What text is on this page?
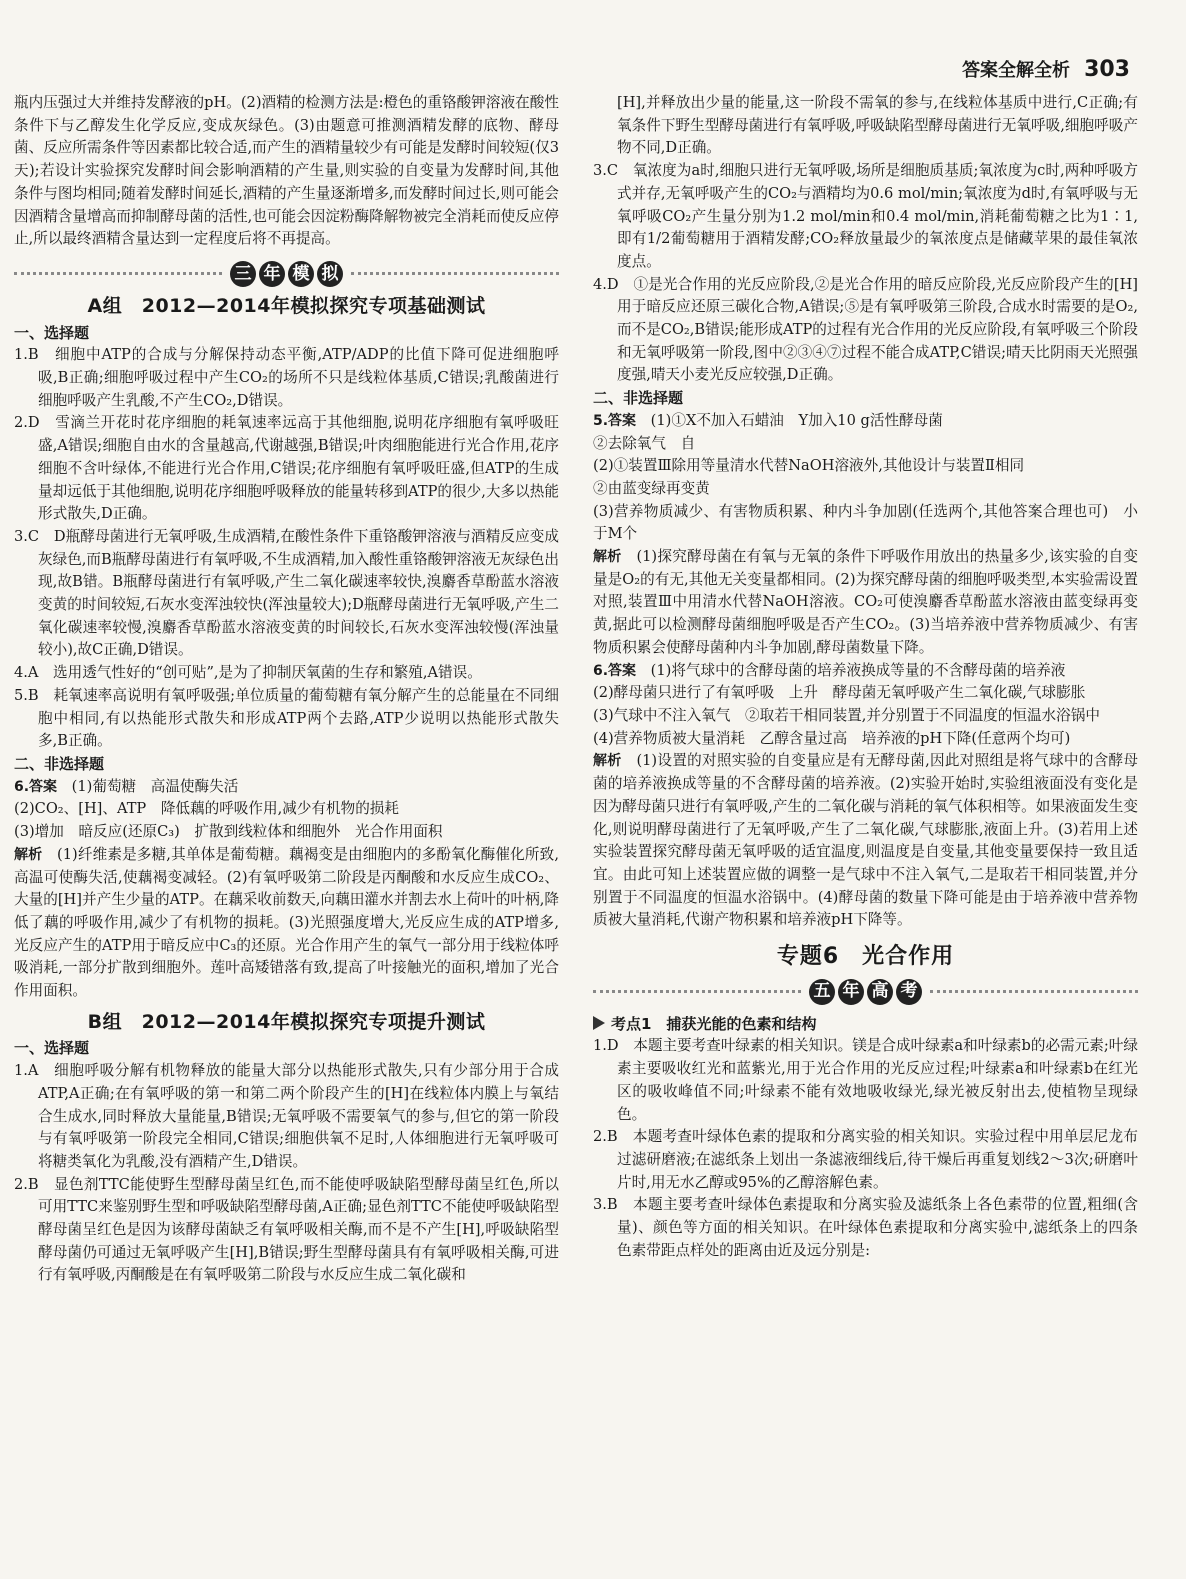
答案全解全析 303

瓶内压强过大并维持发酵液的pH。(2)酒精的检测方法是:橙色的重铬酸钾溶液在酸性条件下与乙醇发生化学反应,变成灰绿色。(3)由题意可推测酒精发酵的底物、酵母菌、反应所需条件等因素都比较合适,而产生的酒精量较少有可能是发酵时间较短(仅3天);若设计实验探究发酵时间会影响酒精的产生量,则实验的自变量为发酵时间,其他条件与图均相同;随着发酵时间延长,酒精的产生量逐渐增多,而发酵时间过长,则可能会因酒精含量增高而抑制酵母菌的活性,也可能会因淀粉酶降解物被完全消耗而使反应停止,所以最终酒精含量达到一定程度后将不再提高。

三 年 模 拟
A组　2012—2014年模拟探究专项基础测试

一、选择题

1.B　细胞中ATP的合成与分解保持动态平衡,ATP/ADP的比值下降可促进细胞呼吸,B正确;细胞呼吸过程中产生CO₂的场所不只是线粒体基质,C错误;乳酸菌进行细胞呼吸产生乳酸,不产生CO₂,D错误。

2.D　雪滴兰开花时花序细胞的耗氧速率远高于其他细胞,说明花序细胞有氧呼吸旺盛,A错误;细胞自由水的含量越高,代谢越强,B错误;叶肉细胞能进行光合作用,花序细胞不含叶绿体,不能进行光合作用,C错误;花序细胞有氧呼吸旺盛,但ATP的生成量却远低于其他细胞,说明花序细胞呼吸释放的能量转移到ATP的很少,大多以热能形式散失,D正确。

3.C　D瓶酵母菌进行无氧呼吸,生成酒精,在酸性条件下重铬酸钾溶液与酒精反应变成灰绿色,而B瓶酵母菌进行有氧呼吸,不生成酒精,加入酸性重铬酸钾溶液无灰绿色出现,故B错。B瓶酵母菌进行有氧呼吸,产生二氧化碳速率较快,溴麝香草酚蓝水溶液变黄的时间较短,石灰水变浑浊较快(浑浊量较大);D瓶酵母菌进行无氧呼吸,产生二氧化碳速率较慢,溴麝香草酚蓝水溶液变黄的时间较长,石灰水变浑浊较慢(浑浊量较小),故C正确,D错误。

4.A　选用透气性好的“创可贴”,是为了抑制厌氧菌的生存和繁殖,A错误。

5.B　耗氧速率高说明有氧呼吸强;单位质量的葡萄糖有氧分解产生的总能量在不同细胞中相同,有以热能形式散失和形成ATP两个去路,ATP少说明以热能形式散失多,B正确。

二、非选择题

6.答案　 (1)葡萄糖　高温使酶失活

(2)CO₂、[H]、ATP　降低藕的呼吸作用,减少有机物的损耗

(3)增加　暗反应(还原C₃)　扩散到线粒体和细胞外　光合作用面积

解析　 (1)纤维素是多糖,其单体是葡萄糖。藕褐变是由细胞内的多酚氧化酶催化所致,高温可使酶失活,使藕褐变减轻。(2)有氧呼吸第二阶段是丙酮酸和水反应生成CO₂、大量的[H]并产生少量的ATP。在藕采收前数天,向藕田灌水并割去水上荷叶的叶柄,降低了藕的呼吸作用,减少了有机物的损耗。(3)光照强度增大,光反应生成的ATP增多,光反应产生的ATP用于暗反应中C₃的还原。光合作用产生的氧气一部分用于线粒体呼吸消耗,一部分扩散到细胞外。莲叶高矮错落有致,提高了叶接触光的面积,增加了光合作用面积。

B组　2012—2014年模拟探究专项提升测试

一、选择题

1.A　细胞呼吸分解有机物释放的能量大部分以热能形式散失,只有少部分用于合成ATP,A正确;在有氧呼吸的第一和第二两个阶段产生的[H]在线粒体内膜上与氧结合生成水,同时释放大量能量,B错误;无氧呼吸不需要氧气的参与,但它的第一阶段与有氧呼吸第一阶段完全相同,C错误;细胞供氧不足时,人体细胞进行无氧呼吸可将糖类氧化为乳酸,没有酒精产生,D错误。

2.B　显色剂TTC能使野生型酵母菌呈红色,而不能使呼吸缺陷型酵母菌呈红色,所以可用TTC来鉴别野生型和呼吸缺陷型酵母菌,A正确;显色剂TTC不能使呼吸缺陷型酵母菌呈红色是因为该酵母菌缺乏有氧呼吸相关酶,而不是不产生[H],呼吸缺陷型酵母菌仍可通过无氧呼吸产生[H],B错误;野生型酵母菌具有有氧呼吸相关酶,可进行有氧呼吸,丙酮酸是在有氧呼吸第二阶段与水反应生成二氧化碳和

[H],并释放出少量的能量,这一阶段不需氧的参与,在线粒体基质中进行,C正确;有氧条件下野生型酵母菌进行有氧呼吸,呼吸缺陷型酵母菌进行无氧呼吸,细胞呼吸产物不同,D正确。

3.C　氧浓度为a时,细胞只进行无氧呼吸,场所是细胞质基质;氧浓度为c时,两种呼吸方式并存,无氧呼吸产生的CO₂与酒精均为0.6 mol/min;氧浓度为d时,有氧呼吸与无氧呼吸CO₂产生量分别为1.2 mol/min和0.4 mol/min,消耗葡萄糖之比为1∶1,即有1/2葡萄糖用于酒精发酵;CO₂释放量最少的氧浓度点是储藏苹果的最佳氧浓度点。

4.D　①是光合作用的光反应阶段,②是光合作用的暗反应阶段,光反应阶段产生的[H]用于暗反应还原三碳化合物,A错误;⑤是有氧呼吸第三阶段,合成水时需要的是O₂,而不是CO₂,B错误;能形成ATP的过程有光合作用的光反应阶段,有氧呼吸三个阶段和无氧呼吸第一阶段,图中②③④⑦过程不能合成ATP,C错误;晴天比阴雨天光照强度强,晴天小麦光反应较强,D正确。

二、非选择题

5.答案　 (1)①X不加入石蜡油　Y加入10 g活性酵母菌

②去除氧气　自

(2)①装置Ⅲ除用等量清水代替NaOH溶液外,其他设计与装置Ⅱ相同

②由蓝变绿再变黄

(3)营养物质减少、有害物质积累、种内斗争加剧(任选两个,其他答案合理也可)　小于M个

解析　 (1)探究酵母菌在有氧与无氧的条件下呼吸作用放出的热量多少,该实验的自变量是O₂的有无,其他无关变量都相同。(2)为探究酵母菌的细胞呼吸类型,本实验需设置对照,装置Ⅲ中用清水代替NaOH溶液。CO₂可使溴麝香草酚蓝水溶液由蓝变绿再变黄,据此可以检测酵母菌细胞呼吸是否产生CO₂。(3)当培养液中营养物质减少、有害物质积累会使酵母菌种内斗争加剧,酵母菌数量下降。

6.答案　 (1)将气球中的含酵母菌的培养液换成等量的不含酵母菌的培养液

(2)酵母菌只进行了有氧呼吸　上升　酵母菌无氧呼吸产生二氧化碳,气球膨胀

(3)气球中不注入氧气　②取若干相同装置,并分别置于不同温度的恒温水浴锅中

(4)营养物质被大量消耗　乙醇含量过高　培养液的pH下降(任意两个均可)

解析　 (1)设置的对照实验的自变量应是有无酵母菌,因此对照组是将气球中的含酵母菌的培养液换成等量的不含酵母菌的培养液。(2)实验开始时,实验组液面没有变化是因为酵母菌只进行有氧呼吸,产生的二氧化碳与消耗的氧气体积相等。如果液面发生变化,则说明酵母菌进行了无氧呼吸,产生了二氧化碳,气球膨胀,液面上升。(3)若用上述实验装置探究酵母菌无氧呼吸的适宜温度,则温度是自变量,其他变量要保持一致且适宜。由此可知上述装置应做的调整一是气球中不注入氧气,二是取若干相同装置,并分别置于不同温度的恒温水浴锅中。(4)酵母菌的数量下降可能是由于培养液中营养物质被大量消耗,代谢产物积累和培养液pH下降等。

专题6　光合作用
五 年 高 考

考点1　捕获光能的色素和结构

1.D　本题主要考查叶绿素的相关知识。镁是合成叶绿素a和叶绿素b的必需元素;叶绿素主要吸收红光和蓝紫光,用于光合作用的光反应过程;叶绿素a和叶绿素b在红光区的吸收峰值不同;叶绿素不能有效地吸收绿光,绿光被反射出去,使植物呈现绿色。

2.B　本题考查叶绿体色素的提取和分离实验的相关知识。实验过程中用单层尼龙布过滤研磨液;在滤纸条上划出一条滤液细线后,待干燥后再重复划线2～3次;研磨叶片时,用无水乙醇或95%的乙醇溶解色素。

3.B　本题主要考查叶绿体色素提取和分离实验及滤纸条上各色素带的位置,粗细(含量)、颜色等方面的相关知识。在叶绿体色素提取和分离实验中,滤纸条上的四条色素带距点样处的距离由近及远分别是:
